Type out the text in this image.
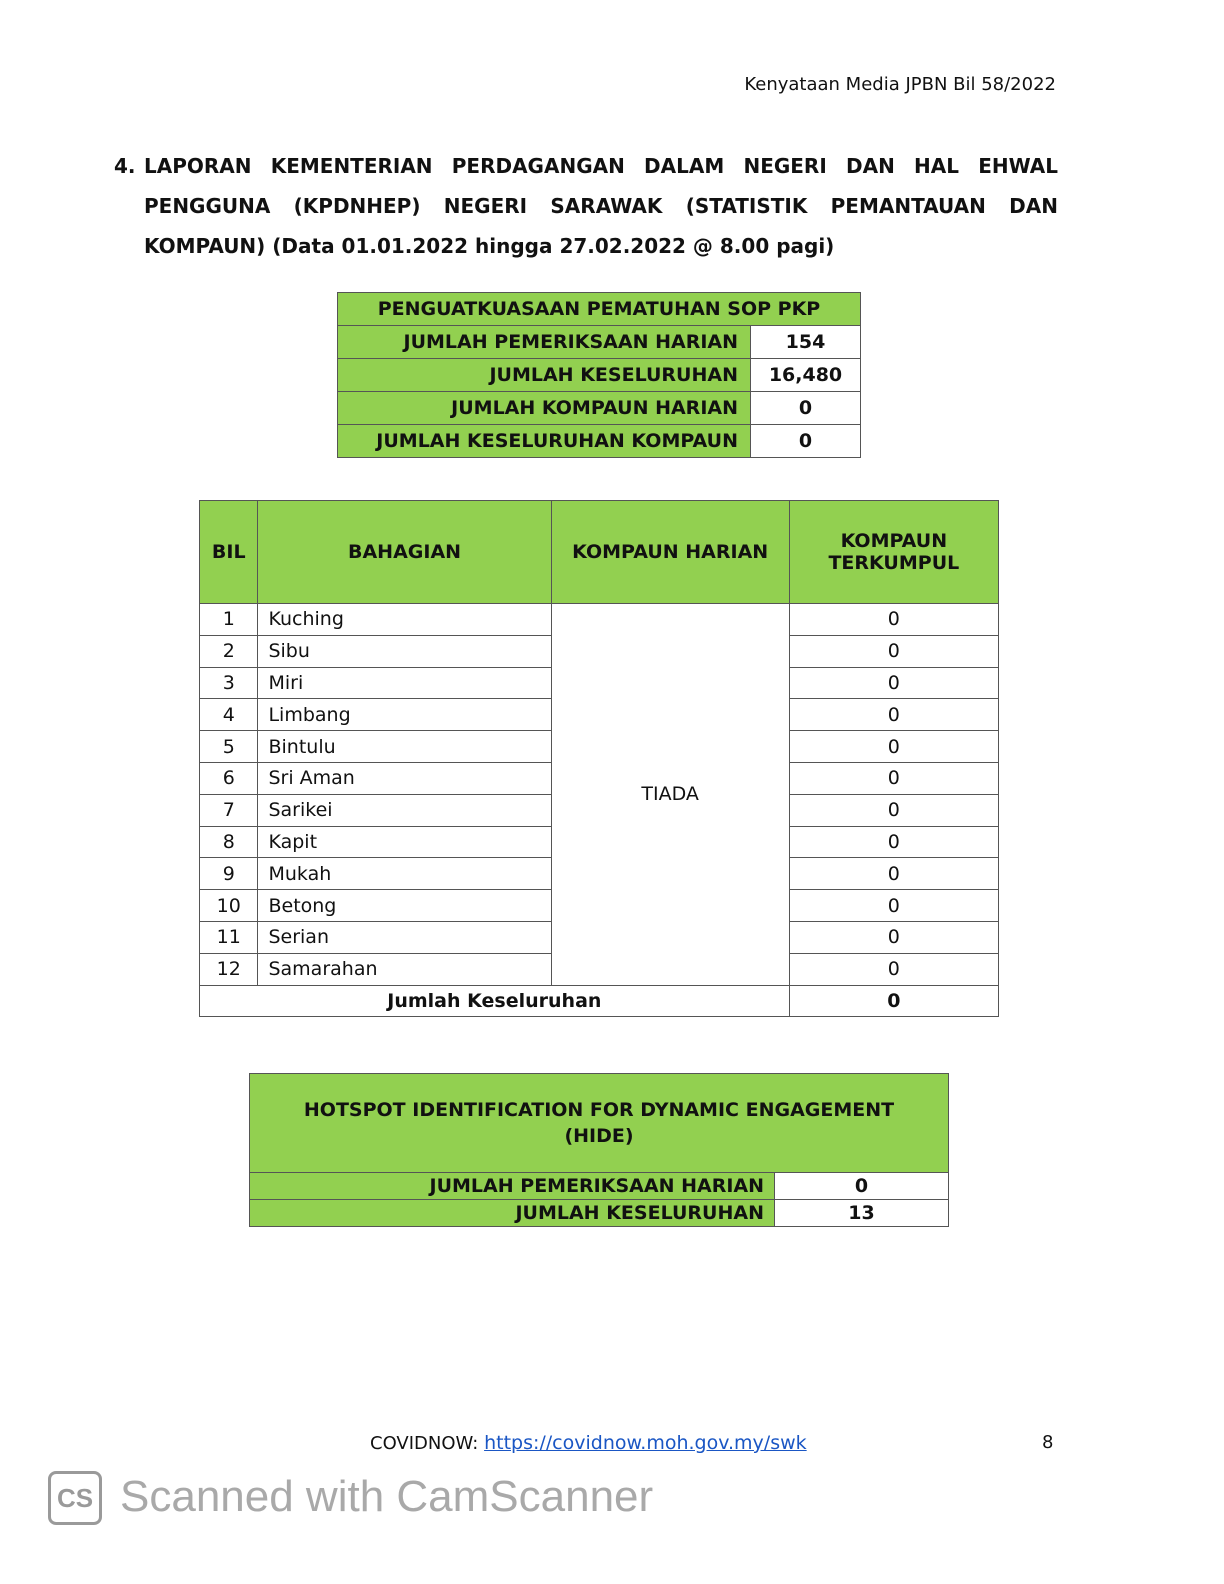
Kenyataan Media JPBN Bil 58/2022
4. LAPORAN KEMENTERIAN PERDAGANGAN DALAM NEGERI DAN HAL EHWAL
PENGGUNA (KPDNHEP) NEGERI SARAWAK (STATISTIK PEMANTAUAN DAN
KOMPAUN) (Data 01.01.2022 hingga 27.02.2022 @ 8.00 pagi)
PENGUATKUASAAN PEMATUHAN SOP PKP	
JUMLAH PEMERIKSAAN HARIAN	154
JUMLAH KESELURUHAN	16,480
JUMLAH KOMPAUN HARIAN	0
JUMLAH KESELURUHAN KOMPAUN	0
BIL	BAHAGIAN	KOMPAUN HARIAN	KOMPAUN TERKUMPUL
1	Kuching	TIADA	0
2	Sibu		0
3	Miri		0
4	Limbang		0
5	Bintulu		0
6	Sri Aman		0
7	Sarikei		0
8	Kapit		0
9	Mukah		0
10	Betong		0
11	Serian		0
12	Samarahan		0
Jumlah Keseluruhan			0
HOTSPOT IDENTIFICATION FOR DYNAMIC ENGAGEMENT
(HIDE)	
JUMLAH PEMERIKSAAN HARIAN	0
JUMLAH KESELURUHAN	13
COVIDNOW: https://covidnow.moh.gov.my/swk	8
CS Scanned with CamScanner
